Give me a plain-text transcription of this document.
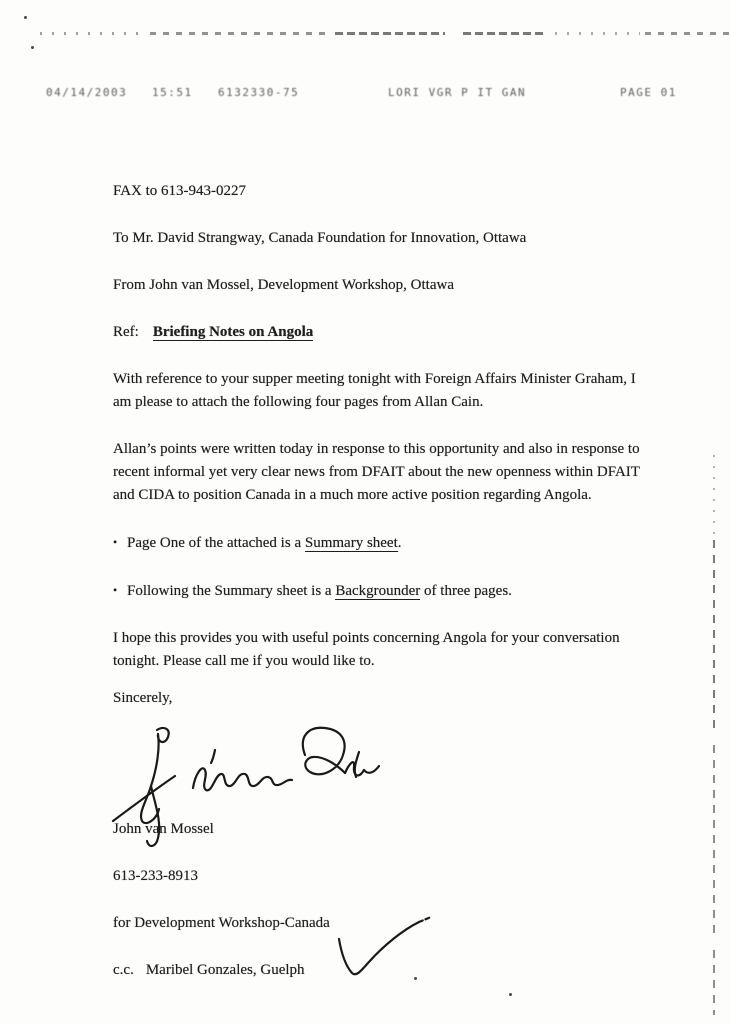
04/14/2003 15:51 6132330-75	LORI VGR P IT GAN	PAGE 01

FAX to 613-943-0227

To Mr. David Strangway, Canada Foundation for Innovation, Ottawa

From John van Mossel, Development Workshop, Ottawa

Ref: Briefing Notes on Angola

With reference to your supper meeting tonight with Foreign Affairs Minister Graham, I am please to attach the following four pages from Allan Cain.

Allan’s points were written today in response to this opportunity and also in response to recent informal yet very clear news from DFAIT about the new openness within DFAIT and CIDA to position Canada in a much more active position regarding Angola.

• Page One of the attached is a Summary sheet.

• Following the Summary sheet is a Backgrounder of three pages.

I hope this provides you with useful points concerning Angola for your conversation tonight. Please call me if you would like to.

Sincerely,

John van Mossel

613-233-8913

for Development Workshop-Canada

c.c. Maribel Gonzales, Guelph
